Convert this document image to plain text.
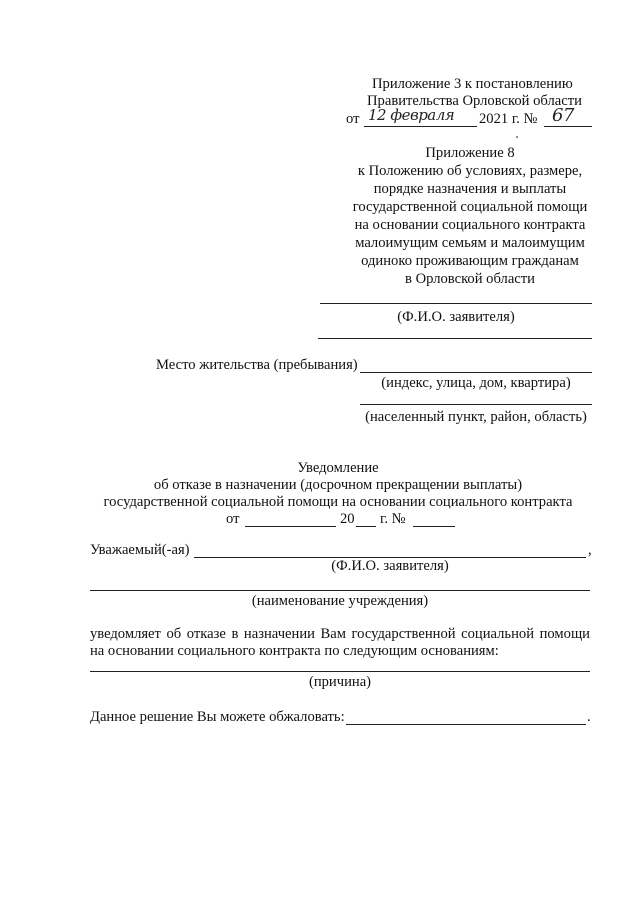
Приложение 3 к постановлению
Правительства Орловской области
от 12 февраля 2021 г. № 67
Приложение 8
к Положению об условиях, размере,
порядке назначения и выплаты
государственной социальной помощи
на основании социального контракта
малоимущим семьям и малоимущим
одиноко проживающим гражданам
в Орловской области
(Ф.И.О. заявителя)
Место жительства (пребывания)
(индекс, улица, дом, квартира)
(населенный пункт, район, область)
Уведомление
об отказе в назначении (досрочном прекращении выплаты)
государственной социальной помощи на основании социального контракта
от	20 г. №
Уважаемый(-ая)	,
(Ф.И.О. заявителя)
(наименование учреждения)
уведомляет об отказе в назначении Вам государственной социальной помощи
на основании социального контракта по следующим основаниям:
(причина)
Данное решение Вы можете обжаловать:	.
